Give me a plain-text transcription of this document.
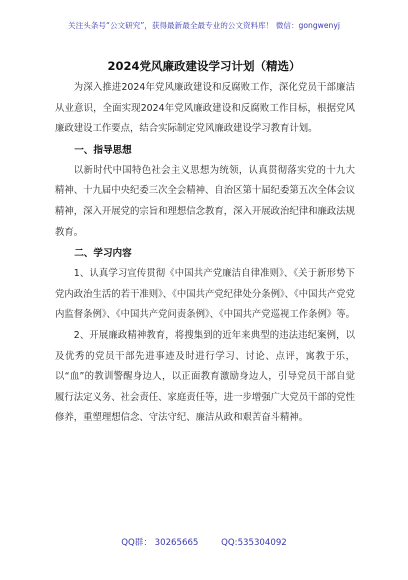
关注头条号“公文研究”，获得最新最全最专业的公文资料库！ 微信：gongwenyj
2024党风廉政建设学习计划（精选）

为深入推进2024年党风廉政建设和反腐败工作，深化党员干部廉洁从业意识，全面实现2024年党风廉政建设和反腐败工作目标，根据党风廉政建设工作要点，结合实际制定党风廉政建设学习教育计划。

一、指导思想

以新时代中国特色社会主义思想为统领，认真贯彻落实党的十九大精神、十九届中央纪委三次全会精神、自治区第十届纪委第五次全体会议精神，深入开展党的宗旨和理想信念教育，深入开展政治纪律和廉政法规教育。

二、学习内容

1、认真学习宣传贯彻《中国共产党廉洁自律准则》、《关于新形势下党内政治生活的若干准则》、《中国共产党纪律处分条例》、《中国共产党党内监督条例》、《中国共产党问责条例》、《中国共产党巡视工作条例》等。

2、开展廉政精神教育，将搜集到的近年来典型的违法违纪案例，以及优秀的党员干部先进事迹及时进行学习、讨论、点评，寓教于乐，以“血”的教训警醒身边人，以正面教育激励身边人，引导党员干部自觉履行法定义务、社会责任、家庭责任等，进一步增强广大党员干部的党性修养，重塑理想信念、守法守纪、廉洁从政和艰苦奋斗精神。

QQ群： 30265665	QQ:535304092
